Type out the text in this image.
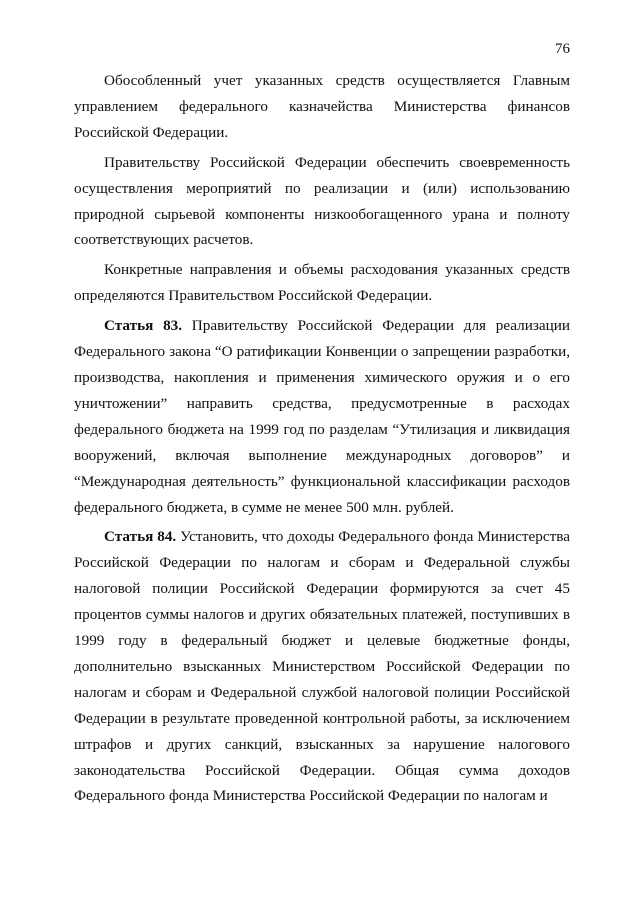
76

Обособленный учет указанных средств осуществляется Главным управлением федерального казначейства Министерства финансов Российской Федерации.

Правительству Российской Федерации обеспечить своевременность осуществления мероприятий по реализации и (или) использованию природной сырьевой компоненты низкообогащенного урана и полноту соответствующих расчетов.

Конкретные направления и объемы расходования указанных средств определяются Правительством Российской Федерации.

Статья 83. Правительству Российской Федерации для реализации Федерального закона “О ратификации Конвенции о запрещении разработки, производства, накопления и применения химического оружия и о его уничтожении” направить средства, предусмотренные в расходах федерального бюджета на 1999 год по разделам “Утилизация и ликвидация вооружений, включая выполнение международных договоров” и “Международная деятельность” функциональной классификации расходов федерального бюджета, в сумме не менее 500 млн. рублей.

Статья 84. Установить, что доходы Федерального фонда Министерства Российской Федерации по налогам и сборам и Федеральной службы налоговой полиции Российской Федерации формируются за счет 45 процентов суммы налогов и других обязательных платежей, поступивших в 1999 году в федеральный бюджет и целевые бюджетные фонды, дополнительно взысканных Министерством Российской Федерации по налогам и сборам и Федеральной службой налоговой полиции Российской Федерации в результате проведенной контрольной работы, за исключением штрафов и других санкций, взысканных за нарушение налогового законодательства Российской Федерации. Общая сумма доходов Федерального фонда Министерства Российской Федерации по налогам и
